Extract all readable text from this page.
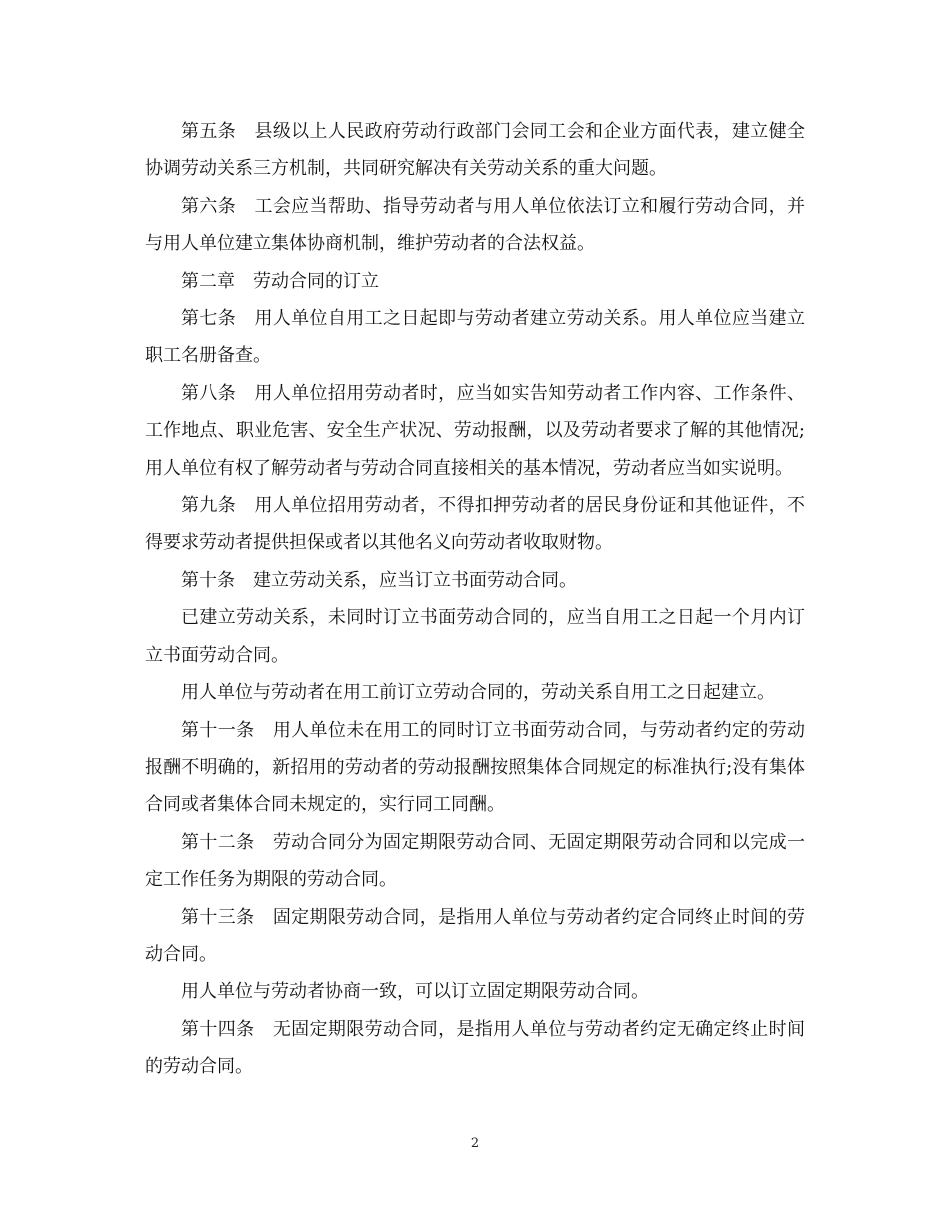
第五条　县级以上人民政府劳动行政部门会同工会和企业方面代表，建立健全协调劳动关系三方机制，共同研究解决有关劳动关系的重大问题。

第六条　工会应当帮助、指导劳动者与用人单位依法订立和履行劳动合同，并与用人单位建立集体协商机制，维护劳动者的合法权益。

第二章　劳动合同的订立

第七条　用人单位自用工之日起即与劳动者建立劳动关系。用人单位应当建立职工名册备查。

第八条　用人单位招用劳动者时，应当如实告知劳动者工作内容、工作条件、工作地点、职业危害、安全生产状况、劳动报酬，以及劳动者要求了解的其他情况;用人单位有权了解劳动者与劳动合同直接相关的基本情况，劳动者应当如实说明。

第九条　用人单位招用劳动者，不得扣押劳动者的居民身份证和其他证件，不得要求劳动者提供担保或者以其他名义向劳动者收取财物。

第十条　建立劳动关系，应当订立书面劳动合同。

已建立劳动关系，未同时订立书面劳动合同的，应当自用工之日起一个月内订立书面劳动合同。

用人单位与劳动者在用工前订立劳动合同的，劳动关系自用工之日起建立。

第十一条　用人单位未在用工的同时订立书面劳动合同，与劳动者约定的劳动报酬不明确的，新招用的劳动者的劳动报酬按照集体合同规定的标准执行;没有集体合同或者集体合同未规定的，实行同工同酬。

第十二条　劳动合同分为固定期限劳动合同、无固定期限劳动合同和以完成一定工作任务为期限的劳动合同。

第十三条　固定期限劳动合同，是指用人单位与劳动者约定合同终止时间的劳动合同。

用人单位与劳动者协商一致，可以订立固定期限劳动合同。

第十四条　无固定期限劳动合同，是指用人单位与劳动者约定无确定终止时间的劳动合同。

2
